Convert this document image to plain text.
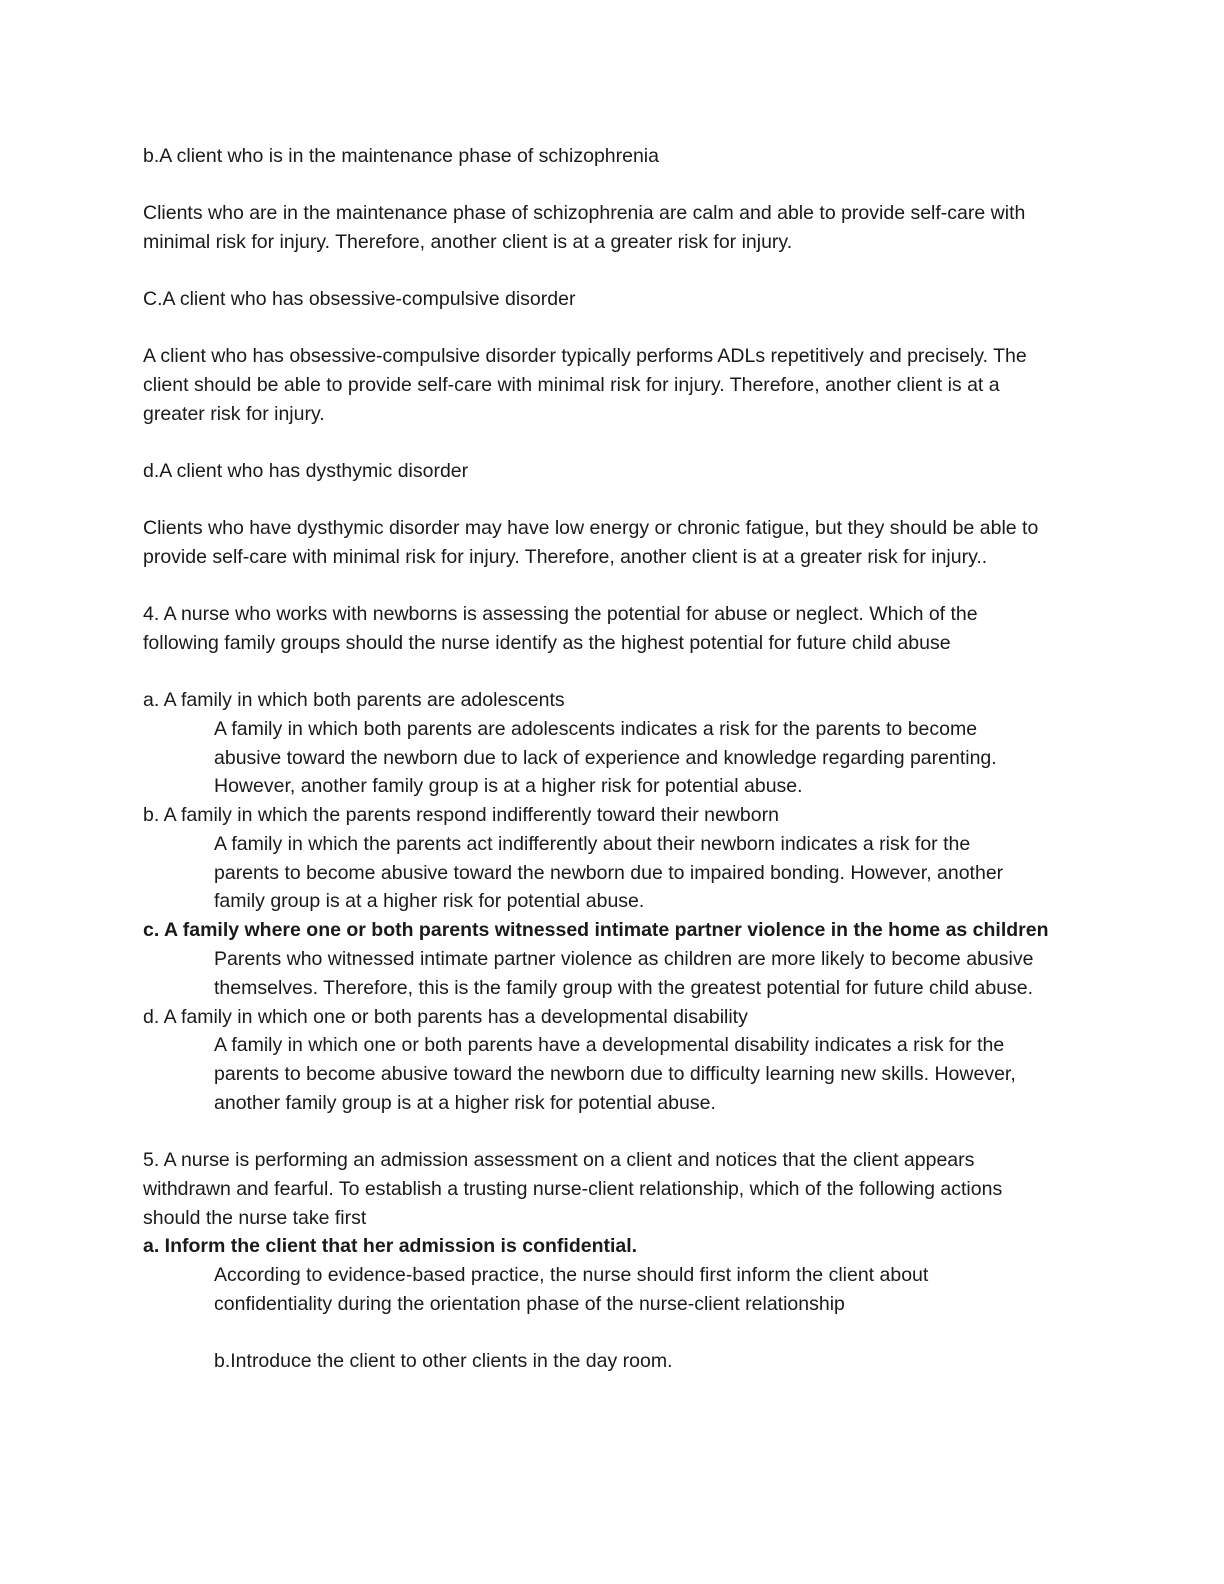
b.A client who is in the maintenance phase of schizophrenia
Clients who are in the maintenance phase of schizophrenia are calm and able to provide self-care with
minimal risk for injury. Therefore, another client is at a greater risk for injury.
C.A client who has obsessive-compulsive disorder
A client who has obsessive-compulsive disorder typically performs ADLs repetitively and precisely. The
client should be able to provide self-care with minimal risk for injury. Therefore, another client is at a
greater risk for injury.
d.A client who has dysthymic disorder
Clients who have dysthymic disorder may have low energy or chronic fatigue, but they should be able to
provide self-care with minimal risk for injury. Therefore, another client is at a greater risk for injury..
4. A nurse who works with newborns is assessing the potential for abuse or neglect. Which of the
following family groups should the nurse identify as the highest potential for future child abuse
a. A family in which both parents are adolescents
A family in which both parents are adolescents indicates a risk for the parents to become
abusive toward the newborn due to lack of experience and knowledge regarding parenting.
However, another family group is at a higher risk for potential abuse.
b. A family in which the parents respond indifferently toward their newborn
A family in which the parents act indifferently about their newborn indicates a risk for the
parents to become abusive toward the newborn due to impaired bonding. However, another
family group is at a higher risk for potential abuse.
c. A family where one or both parents witnessed intimate partner violence in the home as children
Parents who witnessed intimate partner violence as children are more likely to become abusive
themselves. Therefore, this is the family group with the greatest potential for future child abuse.
d. A family in which one or both parents has a developmental disability
A family in which one or both parents have a developmental disability indicates a risk for the
parents to become abusive toward the newborn due to difficulty learning new skills. However,
another family group is at a higher risk for potential abuse.
5. A nurse is performing an admission assessment on a client and notices that the client appears
withdrawn and fearful. To establish a trusting nurse-client relationship, which of the following actions
should the nurse take first
a. Inform the client that her admission is confidential.
According to evidence-based practice, the nurse should first inform the client about
confidentiality during the orientation phase of the nurse-client relationship
b.Introduce the client to other clients in the day room.
